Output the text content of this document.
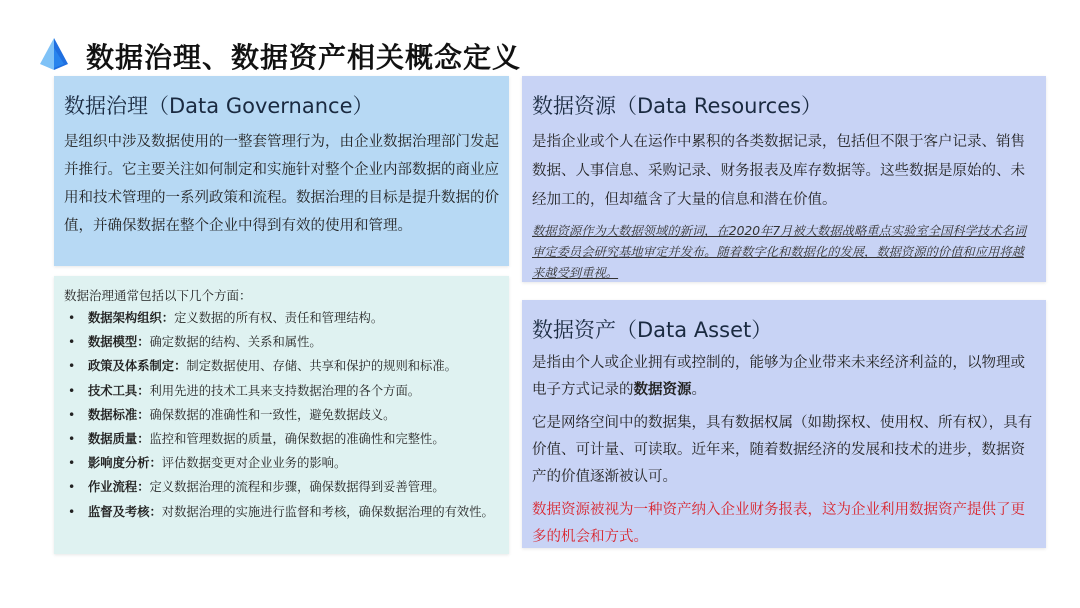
数据治理、数据资产相关概念定义
数据治理（Data Governance）

是组织中涉及数据使用的一整套管理行为，由企业数据治理部门发起并推行。它主要关注如何制定和实施针对整个企业内部数据的商业应用和技术管理的一系列政策和流程。数据治理的目标是提升数据的价值，并确保数据在整个企业中得到有效的使用和管理。

数据治理通常包括以下几个方面：
• 数据架构组织：定义数据的所有权、责任和管理结构。
• 数据模型：确定数据的结构、关系和属性。
• 政策及体系制定：制定数据使用、存储、共享和保护的规则和标准。
• 技术工具：利用先进的技术工具来支持数据治理的各个方面。
• 数据标准：确保数据的准确性和一致性，避免数据歧义。
• 数据质量：监控和管理数据的质量，确保数据的准确性和完整性。
• 影响度分析：评估数据变更对企业业务的影响。
• 作业流程：定义数据治理的流程和步骤，确保数据得到妥善管理。
• 监督及考核：对数据治理的实施进行监督和考核，确保数据治理的有效性。
数据资源（Data Resources）

是指企业或个人在运作中累积的各类数据记录，包括但不限于客户记录、销售数据、人事信息、采购记录、财务报表及库存数据等。这些数据是原始的、未经加工的，但却蕴含了大量的信息和潜在价值。

数据资源作为大数据领域的新词，在2020年7月被大数据战略重点实验室全国科学技术名词审定委员会研究基地审定并发布。随着数字化和数据化的发展，数据资源的价值和应用将越来越受到重视。

数据资产（Data Asset）

是指由个人或企业拥有或控制的，能够为企业带来未来经济利益的，以物理或电子方式记录的数据资源。

它是网络空间中的数据集，具有数据权属（如勘探权、使用权、所有权），具有价值、可计量、可读取。近年来，随着数据经济的发展和技术的进步，数据资产的价值逐渐被认可。

数据资源被视为一种资产纳入企业财务报表，这为企业利用数据资产提供了更多的机会和方式。
